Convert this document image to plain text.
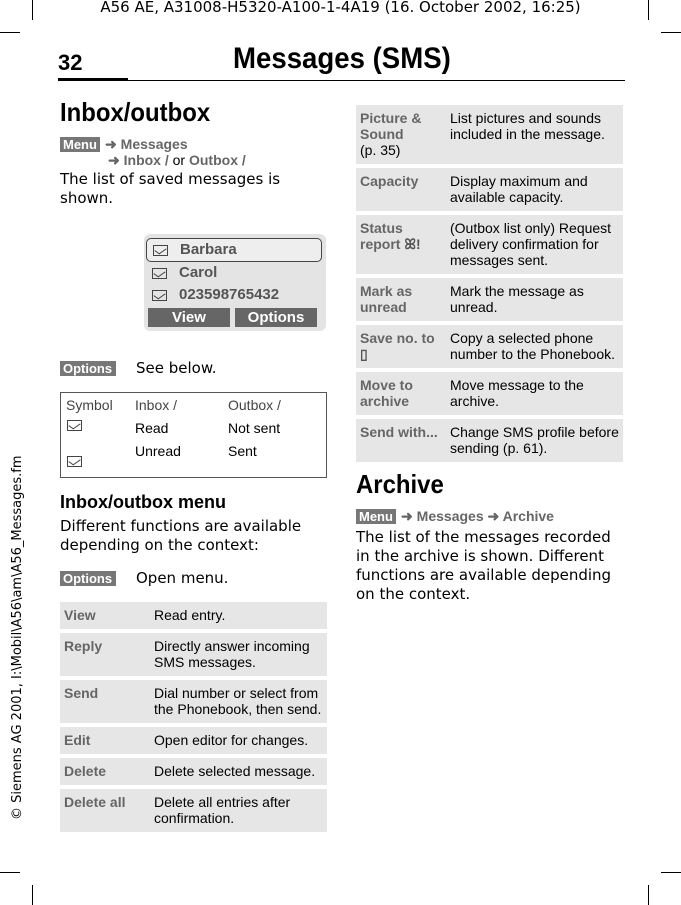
A56 AE, A31008-H5320-A100-1-4A19 (16. October 2002, 16:25)
© Siemens AG 2001, I:\Mobil\A56\am\A56_Messages.fm
32	Messages (SMS)
Inbox/outbox
Menu ➜ Messages
➜ Inbox / or Outbox /
The list of saved messages is shown.
Barbara
Carol
023598765432
View	Options
Options See below.
Symbol Inbox /	Outbox /
Read	Not sent
Unread	Sent
Inbox/outbox menu
Different functions are available depending on the context:
Options Open menu.
View	Read entry.
Reply	Directly answer incoming SMS messages.
Send	Dial number or select from the Phonebook, then send.
Edit	Open editor for changes.
Delete	Delete selected message.
Delete all	Delete all entries after confirmation.
Picture & Sound
(p. 35)	List pictures and sounds included in the message.
Capacity	Display maximum and available capacity.
Status report ꕤ!	(Outbox list only) Request delivery confirmation for messages sent.
Mark as unread	Mark the message as unread.
Save no. to
▯	Copy a selected phone number to the Phonebook.
Move to archive	Move message to the archive.
Send with...	Change SMS profile before sending (p. 61).
Archive
Menu ➜ Messages ➜ Archive
The list of the messages recorded in the archive is shown. Different functions are available depending on the context.
